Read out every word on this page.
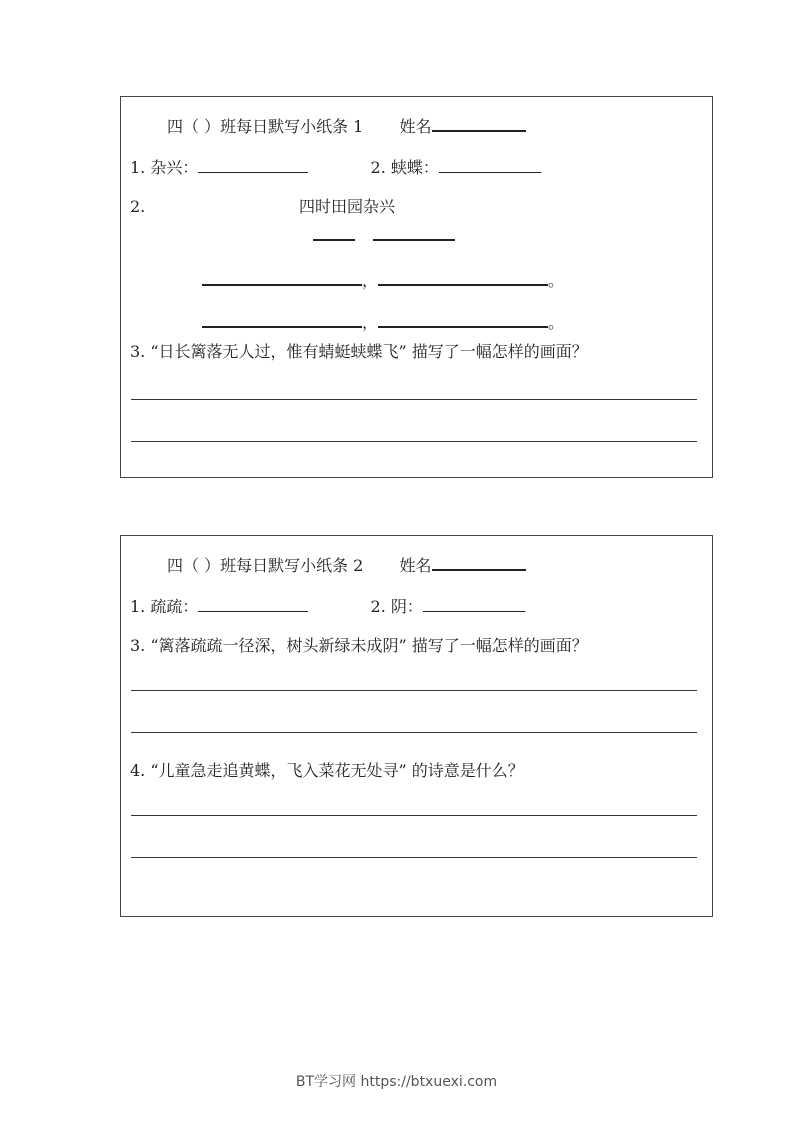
四（ ）班每日默写小纸条 1 姓名
1. 杂兴：	2. 蛱蝶：
2.	四时田园杂兴

，	。
，	。
3. “日长篱落无人过，惟有蜻蜓蛱蝶飞” 描写了一幅怎样的画面？
四（ ）班每日默写小纸条 2 姓名
1. 疏疏：	2. 阴：
3. “篱落疏疏一径深，树头新绿未成阴” 描写了一幅怎样的画面？
4. “儿童急走追黄蝶，飞入菜花无处寻” 的诗意是什么？
BT学习网 https://btxuexi.com
